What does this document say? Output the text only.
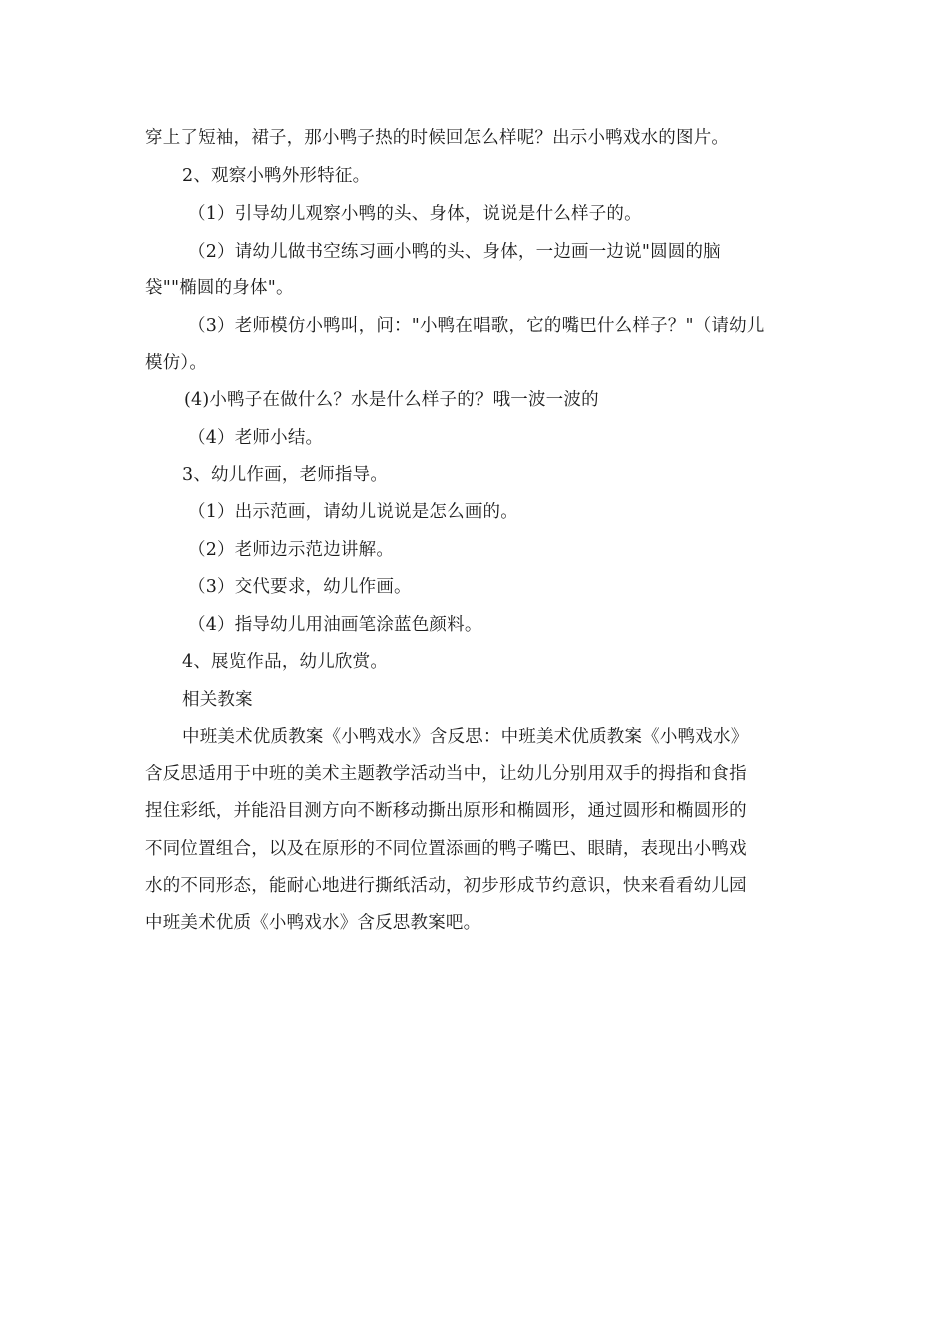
穿上了短袖，裙子，那小鸭子热的时候回怎么样呢？出示小鸭戏水的图片。
2、观察小鸭外形特征。
（1）引导幼儿观察小鸭的头、身体，说说是什么样子的。
（2）请幼儿做书空练习画小鸭的头、身体，一边画一边说"圆圆的脑
袋""椭圆的身体"。
（3）老师模仿小鸭叫，问："小鸭在唱歌，它的嘴巴什么样子？"（请幼儿
模仿）。
(4)小鸭子在做什么？水是什么样子的？哦一波一波的
（4）老师小结。
3、幼儿作画，老师指导。
（1）出示范画，请幼儿说说是怎么画的。
（2）老师边示范边讲解。
（3）交代要求，幼儿作画。
（4）指导幼儿用油画笔涂蓝色颜料。
4、展览作品，幼儿欣赏。
相关教案
中班美术优质教案《小鸭戏水》含反思：中班美术优质教案《小鸭戏水》
含反思适用于中班的美术主题教学活动当中，让幼儿分别用双手的拇指和食指
捏住彩纸，并能沿目测方向不断移动撕出原形和椭圆形，通过圆形和椭圆形的
不同位置组合，以及在原形的不同位置添画的鸭子嘴巴、眼睛，表现出小鸭戏
水的不同形态，能耐心地进行撕纸活动，初步形成节约意识，快来看看幼儿园
中班美术优质《小鸭戏水》含反思教案吧。
